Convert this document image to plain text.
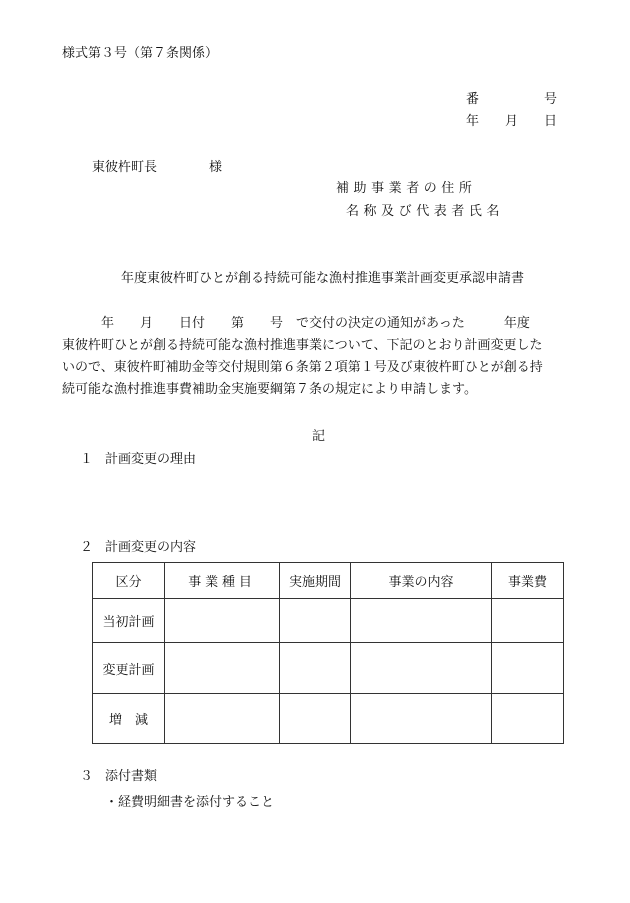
様式第３号（第７条関係）
番　　　　　号
年　　月　　日
東彼杵町長　　　　様
補助事業者の住所
名称及び代表者氏名
年度東彼杵町ひとが創る持続可能な漁村推進事業計画変更承認申請書
　　　年　　月　　日付　　第　　号　で交付の決定の通知があった　　　年度
東彼杵町ひとが創る持続可能な漁村推進事業について、下記のとおり計画変更した
いので、東彼杵町補助金等交付規則第６条第２項第１号及び東彼杵町ひとが創る持
続可能な漁村推進事費補助金実施要綱第７条の規定により申請します。
記
１ 計画変更の理由
２ 計画変更の内容
区分	事業種目	実施期間	事業の内容	事業費
当初計画				
変更計画				
増　減				
３ 添付書類
・経費明細書を添付すること
